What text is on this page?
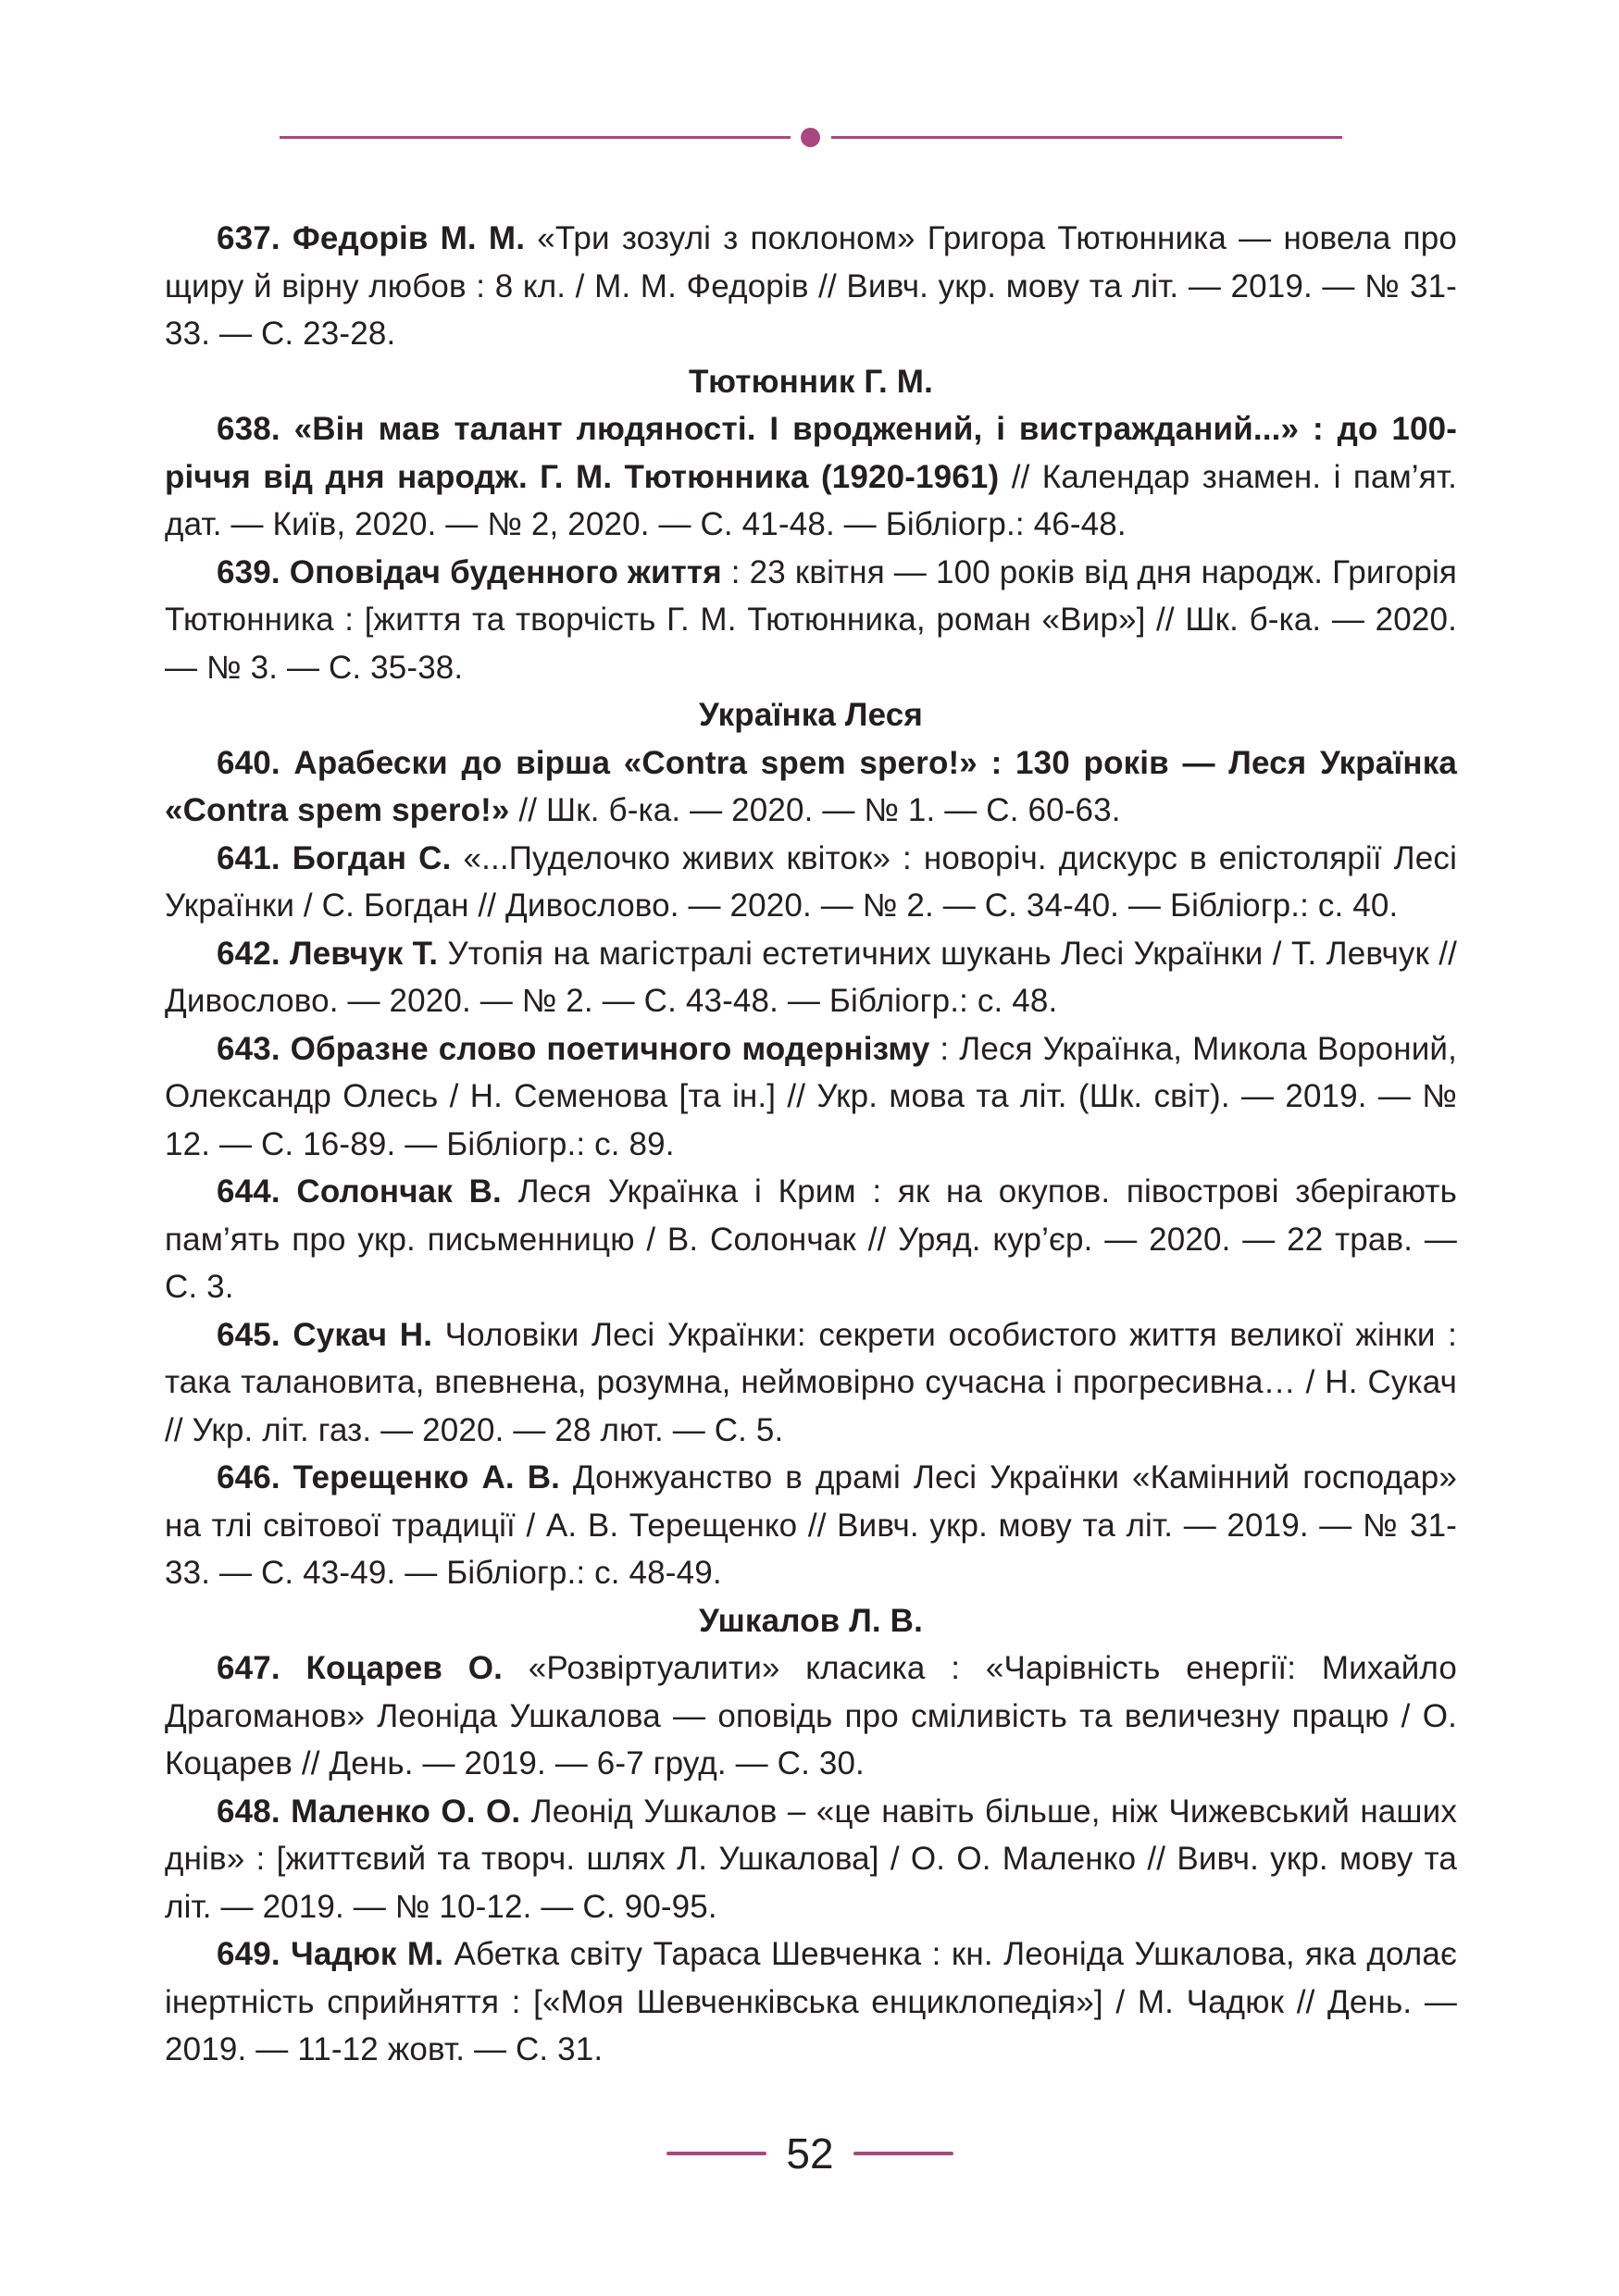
637. Федорів М. М. «Три зозулі з поклоном» Григора Тютюнника — новела про щиру й вірну любов : 8 кл. / М. М. Федорів // Вивч. укр. мову та літ. — 2019. — № 31-33. — С. 23-28.

Тютюнник Г. М.

638. «Він мав талант людяності. І вроджений, і вистражданий...» : до 100-річчя від дня народж. Г. М. Тютюнника (1920-1961) // Календар знамен. і пам’ят. дат. — Київ, 2020. — № 2, 2020. — С. 41-48. — Бібліогр.: 46-48.

639. Оповідач буденного життя : 23 квітня — 100 років від дня народж. Григорія Тютюнника : [життя та творчість Г. М. Тютюнника, роман «Вир»] // Шк. б-ка. — 2020. — № 3. — С. 35-38.

Українка Леся

640. Арабески до вірша «Contra spem spero!» : 130 років — Леся Українка «Contra spem spero!» // Шк. б-ка. — 2020. — № 1. — С. 60-63.

641. Богдан С. «...Пуделочко живих квіток» : новоріч. дискурс в епістолярії Лесі Українки / С. Богдан // Дивослово. — 2020. — № 2. — С. 34-40. — Бібліогр.: с. 40.

642. Левчук Т. Утопія на магістралі естетичних шукань Лесі Українки / Т. Левчук // Дивослово. — 2020. — № 2. — С. 43-48. — Бібліогр.: с. 48.

643. Образне слово поетичного модернізму : Леся Українка, Микола Вороний, Олександр Олесь / Н. Семенова [та ін.] // Укр. мова та літ. (Шк. світ). — 2019. — № 12. — С. 16-89. — Бібліогр.: с. 89.

644. Солончак В. Леся Українка і Крим : як на окупов. півострові зберігають пам’ять про укр. письменницю / В. Солончак // Уряд. кур’єр. — 2020. — 22 трав. — С. 3.

645. Сукач Н. Чоловіки Лесі Українки: секрети особистого життя великої жінки : така талановита, впевнена, розумна, неймовірно сучасна і прогресивна… / Н. Сукач // Укр. літ. газ. — 2020. — 28 лют. — С. 5.

646. Терещенко А. В. Донжуанство в драмі Лесі Українки «Камінний господар» на тлі світової традиції / А. В. Терещенко // Вивч. укр. мову та літ. — 2019. — № 31-33. — С. 43-49. — Бібліогр.: с. 48-49.

Ушкалов Л. В.

647. Коцарев О. «Розвіртуалити» класика : «Чарівність енергії: Михайло Драгоманов» Леоніда Ушкалова — оповідь про сміливість та величезну працю / О. Коцарев // День. — 2019. — 6-7 груд. — С. 30.

648. Маленко О. О. Леонід Ушкалов – «це навіть більше, ніж Чижевський наших днів» : [життєвий та творч. шлях Л. Ушкалова] / О. О. Маленко // Вивч. укр. мову та літ. — 2019. — № 10-12. — С. 90-95.

649. Чадюк М. Абетка світу Тараса Шевченка : кн. Леоніда Ушкалова, яка долає інертність сприйняття : [«Моя Шевченківська енциклопедія»] / М. Чадюк // День. — 2019. — 11-12 жовт. — С. 31.

52
